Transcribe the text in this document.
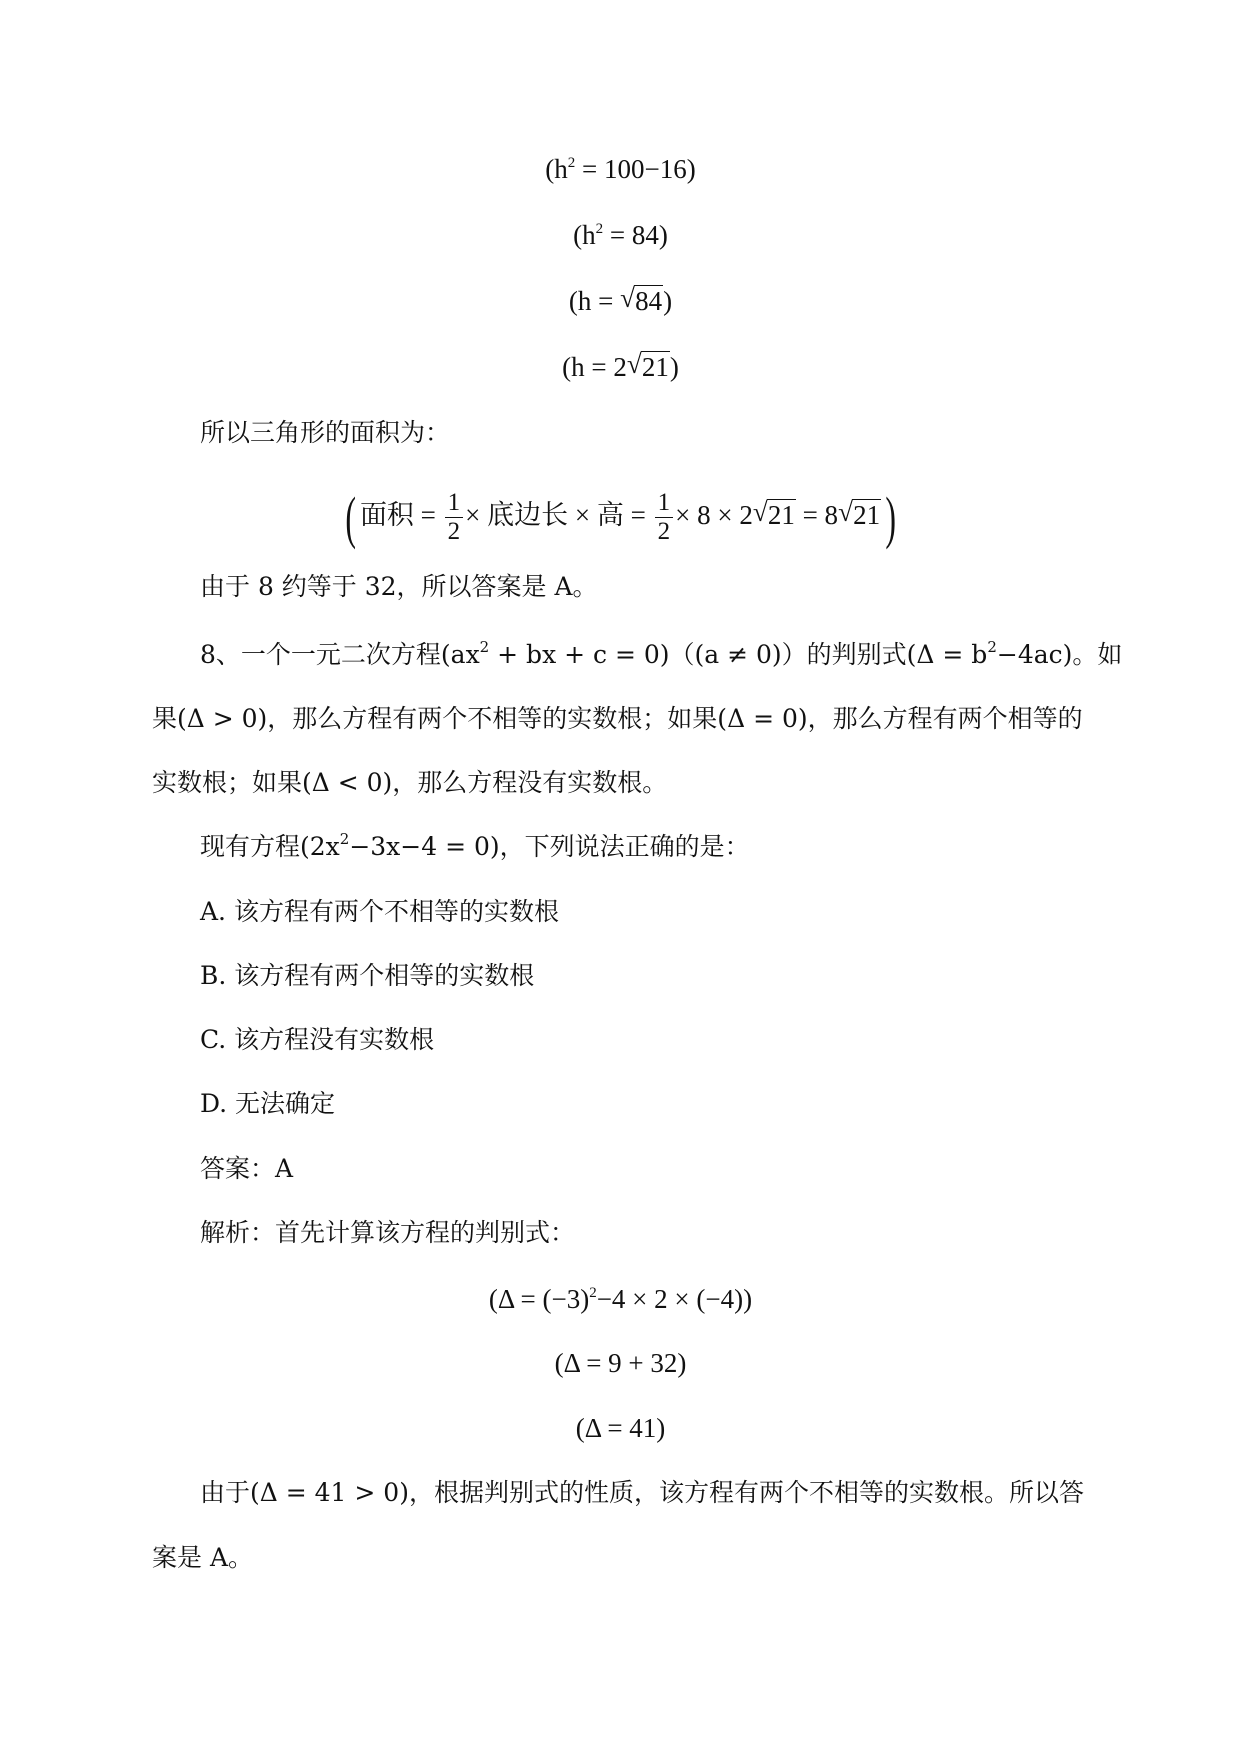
$(h^2 = 100-16)$
$(h^2 = 84)$
(h = √ 84)
(h = 2 √ 21)
所以三角形的面积为：
( 面积 = $\frac{1}{2}$ × 底边长 × 高 = $\frac{1}{2} \times 8 \times 2$ √ 21 = 8 √ 21)
由于 8 约等于 32，所以答案是 A。
8、一个一元二次方程($ax^2$ + bx + c = 0)（(a ≠ 0)）的判别式$(\Delta = b^2-4ac)$。如
果(Δ > 0)，那么方程有两个不相等的实数根；如果(Δ = 0)，那么方程有两个相等的
实数根；如果(Δ < 0)，那么方程没有实数根。
现有方程$(2x^2-3x-4 = 0)$，下列说法正确的是：
A. 该方程有两个不相等的实数根
B. 该方程有两个相等的实数根
C. 该方程没有实数根
D. 无法确定
答案：A
解析：首先计算该方程的判别式：
$(\Delta = (-3)^2-4 \times 2 \times (-4))$
(Δ = 9 + 32)
(Δ = 41)
由于(Δ = 41 > 0)，根据判别式的性质，该方程有两个不相等的实数根。所以答
案是 A。
